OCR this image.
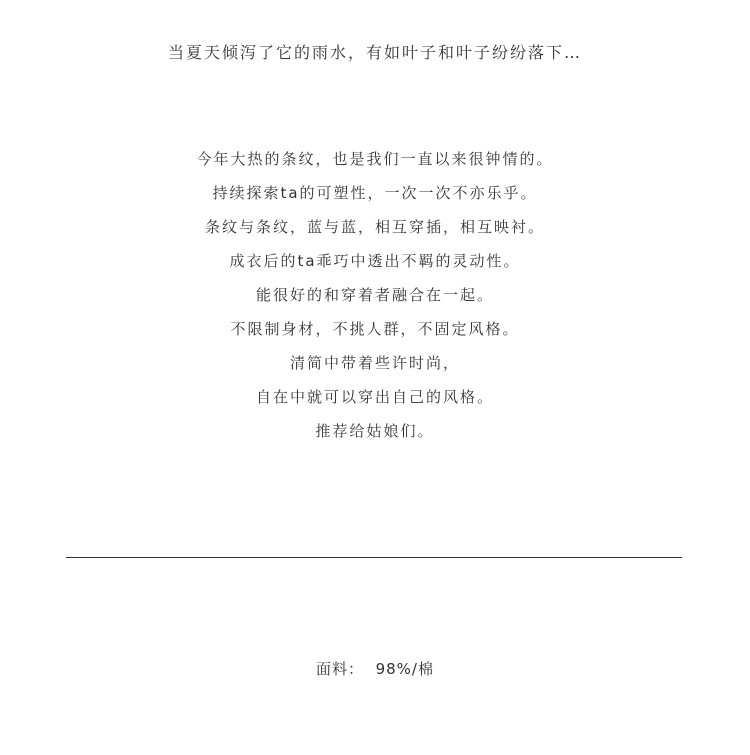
当夏天倾泻了它的雨水，有如叶子和叶子纷纷落下…
今年大热的条纹，也是我们一直以来很钟情的。
持续探索ta的可塑性，一次一次不亦乐乎。
条纹与条纹，蓝与蓝，相互穿插，相互映衬。
成衣后的ta乖巧中透出不羁的灵动性。
能很好的和穿着者融合在一起。
不限制身材，不挑人群，不固定风格。
清简中带着些许时尚，
自在中就可以穿出自己的风格。
推荐给姑娘们。
面料： 98%/棉
